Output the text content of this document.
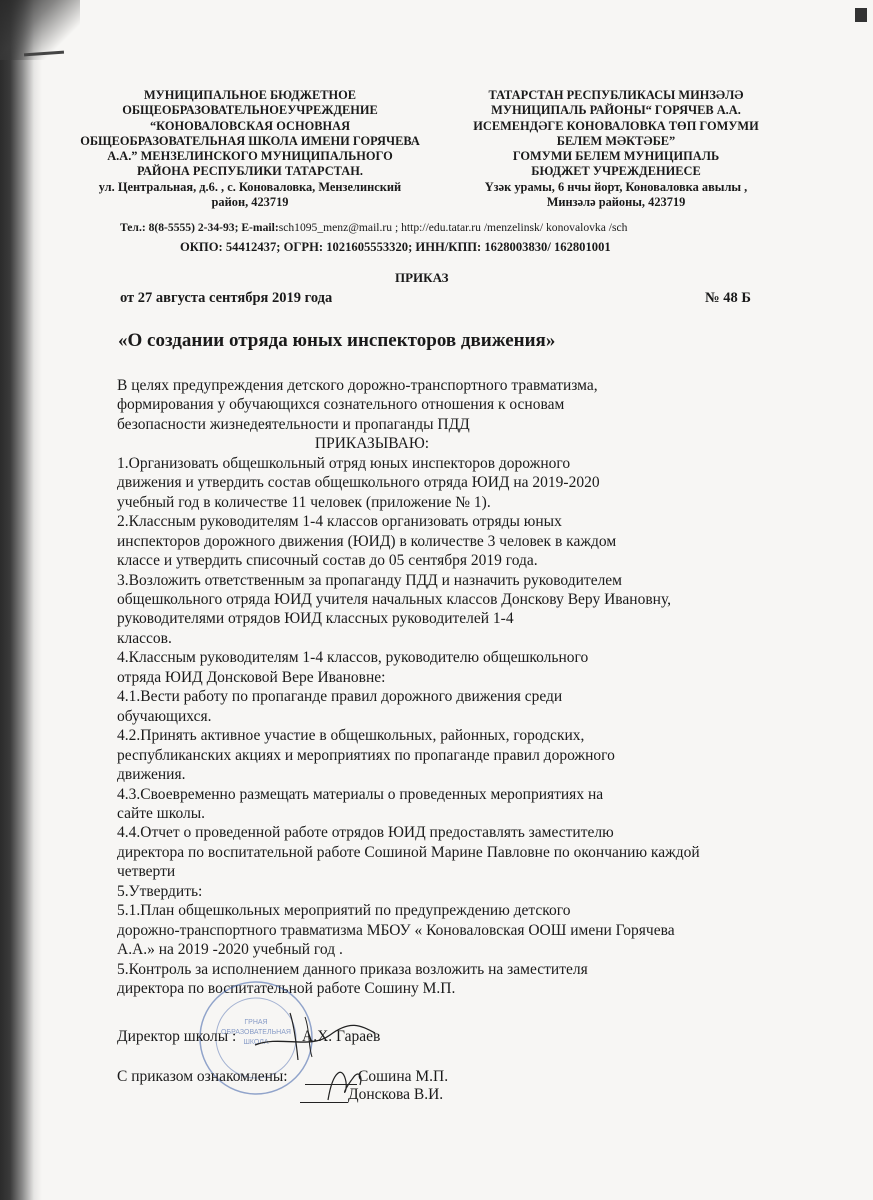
МУНИЦИПАЛЬНОЕ БЮДЖЕТНОЕ
ОБЩЕОБРАЗОВАТЕЛЬНОЕУЧРЕЖДЕНИЕ
“КОНОВАЛОВСКАЯ ОСНОВНАЯ
ОБЩЕОБРАЗОВАТЕЛЬНАЯ ШКОЛА ИМЕНИ ГОРЯЧЕВА
А.А.” МЕНЗЕЛИНСКОГО МУНИЦИПАЛЬНОГО
РАЙОНА РЕСПУБЛИКИ ТАТАРСТАН.
ул. Центральная, д.6. , с. Коноваловка, Мензелинский
район, 423719
ТАТАРСТАН РЕСПУБЛИКАСЫ МИНЗӘЛӘ
МУНИЦИПАЛЬ РАЙОНЫ“ ГОРЯЧЕВ А.А.
ИСЕМЕНДӘГЕ КОНОВАЛОВКА ТӨП ГОМУМИ
БЕЛЕМ МӘКТӘБЕ”
ГОМУМИ БЕЛЕМ МУНИЦИПАЛЬ
БЮДЖЕТ УЧРЕЖДЕНИЕСЕ
Үзәк урамы, 6 нчы йорт, Коноваловка авылы ,
Минзәлә районы, 423719
Тел.: 8(8-5555) 2-34-93; E-mail:sch1095_menz@mail.ru ; http://edu.tatar.ru /menzelinsk/ konovalovka /sch
ОКПО: 54412437; ОГРН: 1021605553320; ИНН/КПП: 1628003830/ 162801001
ПРИКАЗ
от 27 августа сентября 2019 года	№ 48 Б
«О создании отряда юных инспекторов движения»
В целях предупреждения детского дорожно-транспортного травматизма,
формирования у обучающихся сознательного отношения к основам
безопасности жизнедеятельности и пропаганды ПДД
ПРИКАЗЫВАЮ:
1.Организовать общешкольный отряд юных инспекторов дорожного
движения и утвердить состав общешкольного отряда ЮИД на 2019-2020
учебный год в количестве 11 человек (приложение № 1).
2.Классным руководителям 1-4 классов организовать отряды юных
инспекторов дорожного движения (ЮИД) в количестве 3 человек в каждом
классе и утвердить списочный состав до 05 сентября 2019 года.
3.Возложить ответственным за пропаганду ПДД и назначить руководителем
общешкольного отряда ЮИД учителя начальных классов Донскову Веру Ивановну,
руководителями отрядов ЮИД классных руководителей 1-4
классов.
4.Классным руководителям 1-4 классов, руководителю общешкольного
отряда ЮИД Донсковой Вере Ивановне:
4.1.Вести работу по пропаганде правил дорожного движения среди
обучающихся.
4.2.Принять активное участие в общешкольных, районных, городских,
республиканских акциях и мероприятиях по пропаганде правил дорожного
движения.
4.3.Своевременно размещать материалы о проведенных мероприятиях на
сайте школы.
4.4.Отчет о проведенной работе отрядов ЮИД предоставлять заместителю
директора по воспитательной работе Сошиной Марине Павловне по окончанию каждой
четверти
5.Утвердить:
5.1.План общешкольных мероприятий по предупреждению детского
дорожно-транспортного травматизма МБОУ « Коноваловская ООШ имени Горячева
А.А.» на 2019 -2020 учебный год .
5.Контроль за исполнением данного приказа возложить на заместителя
директора по воспитательной работе Сошину М.П.
ГРНАЯ
ОБРАЗОВАТЕЛЬНАЯ
ШКОЛА
Директор школы :	А.Х. Гараев
С приказом ознакомлены:	Сошина М.П.
Донскова В.И.
